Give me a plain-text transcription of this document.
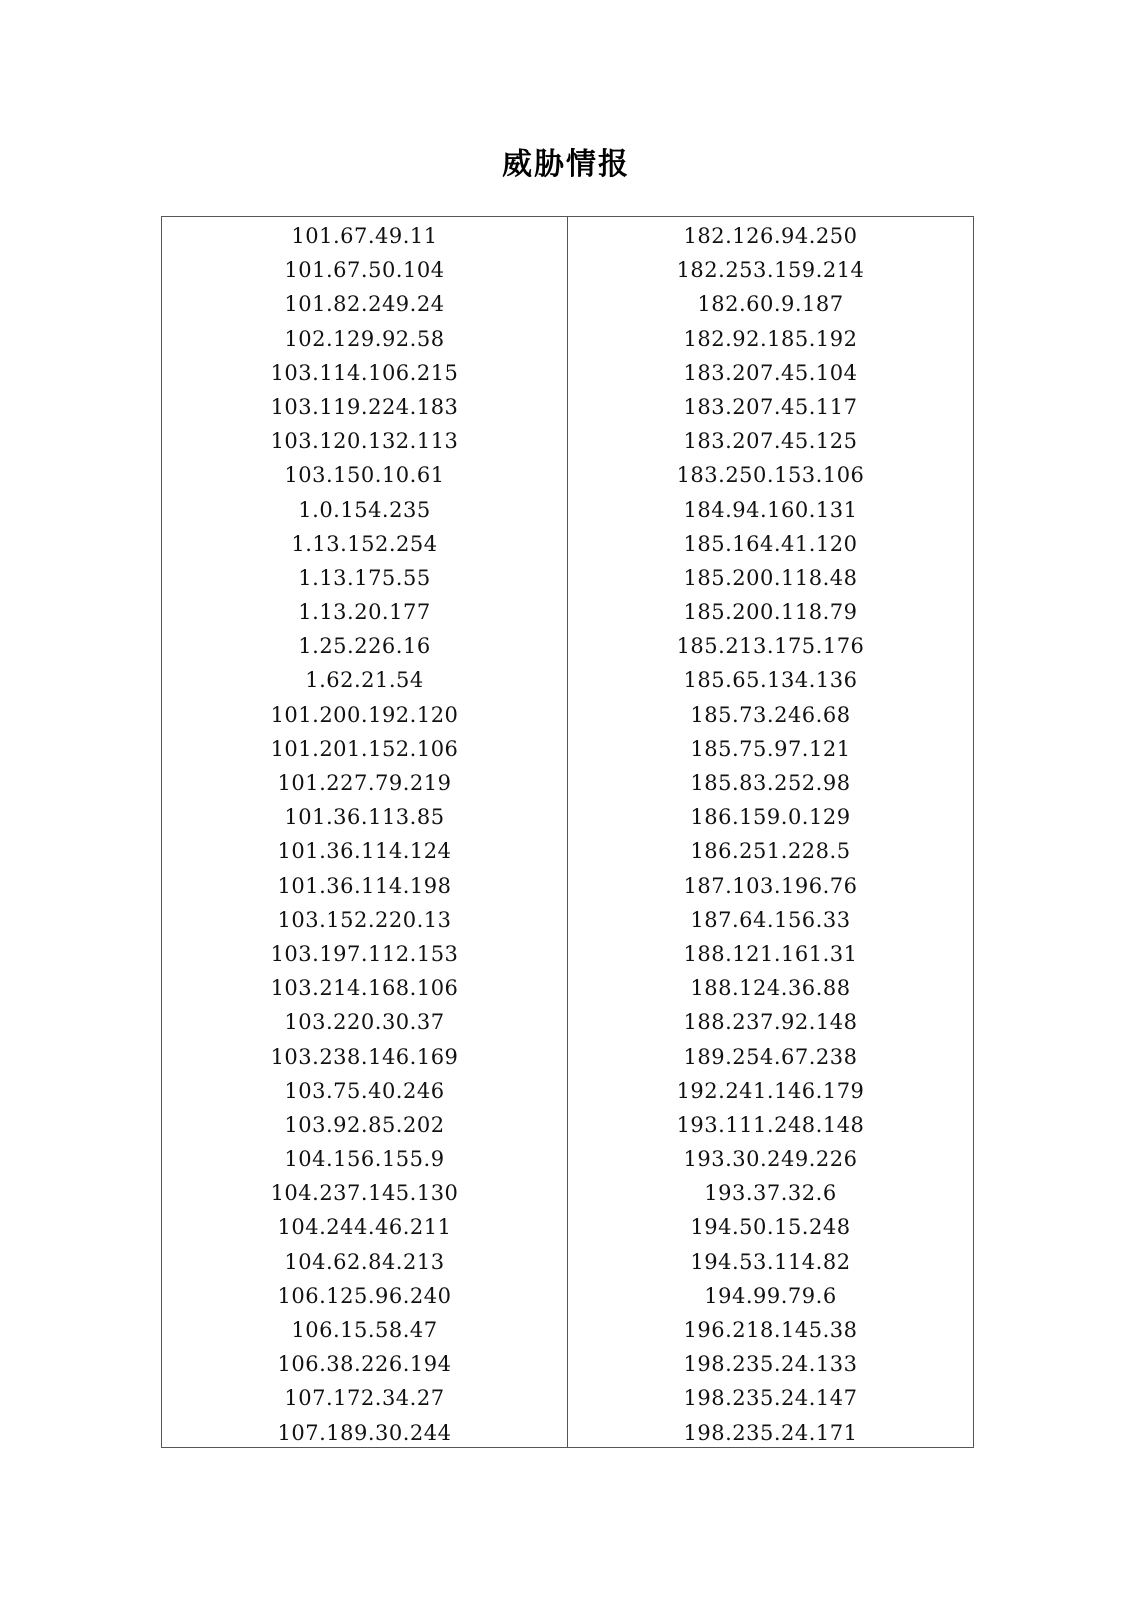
威胁情报
101.67.49.11
101.67.50.104
101.82.249.24
102.129.92.58
103.114.106.215
103.119.224.183
103.120.132.113
103.150.10.61
1.0.154.235
1.13.152.254
1.13.175.55
1.13.20.177
1.25.226.16
1.62.21.54
101.200.192.120
101.201.152.106
101.227.79.219
101.36.113.85
101.36.114.124
101.36.114.198
103.152.220.13
103.197.112.153
103.214.168.106
103.220.30.37
103.238.146.169
103.75.40.246
103.92.85.202
104.156.155.9
104.237.145.130
104.244.46.211
104.62.84.213
106.125.96.240
106.15.58.47
106.38.226.194
107.172.34.27
107.189.30.244
182.126.94.250
182.253.159.214
182.60.9.187
182.92.185.192
183.207.45.104
183.207.45.117
183.207.45.125
183.250.153.106
184.94.160.131
185.164.41.120
185.200.118.48
185.200.118.79
185.213.175.176
185.65.134.136
185.73.246.68
185.75.97.121
185.83.252.98
186.159.0.129
186.251.228.5
187.103.196.76
187.64.156.33
188.121.161.31
188.124.36.88
188.237.92.148
189.254.67.238
192.241.146.179
193.111.248.148
193.30.249.226
193.37.32.6
194.50.15.248
194.53.114.82
194.99.79.6
196.218.145.38
198.235.24.133
198.235.24.147
198.235.24.171
